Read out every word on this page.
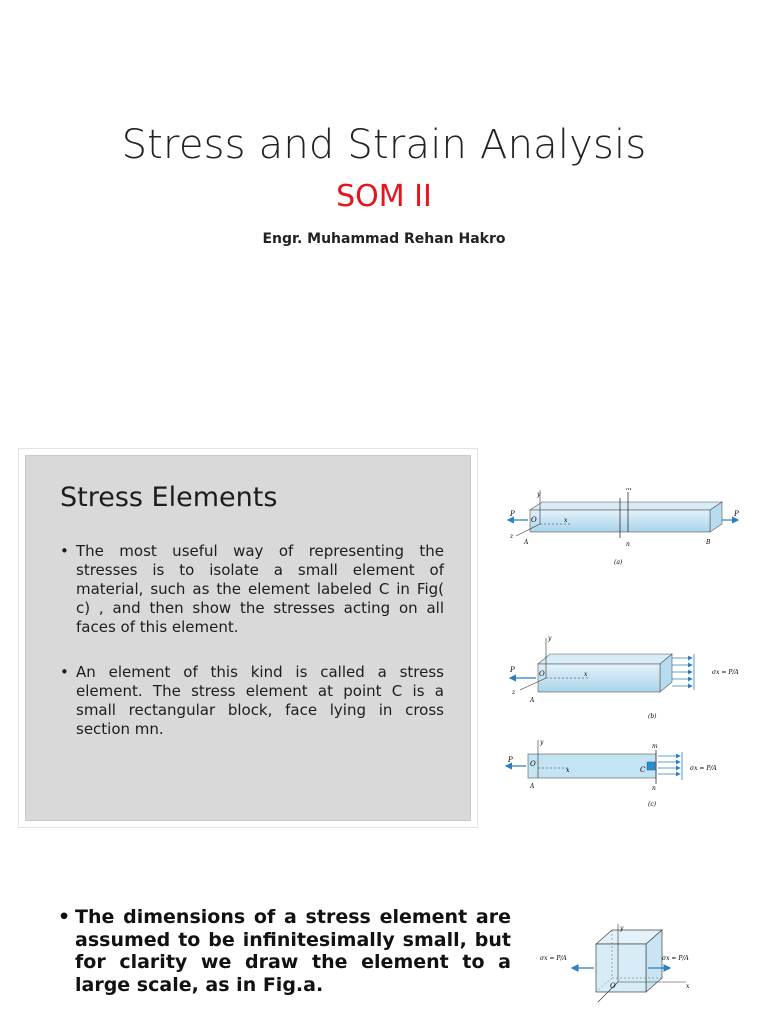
Stress and Strain Analysis
SOM II
Engr. Muhammad Rehan Hakro
Stress Elements
• The most useful way of representing the stresses is to isolate a small element of material, such as the element labeled C in Fig( c) , and then show the stresses acting on all faces of this element.
• An element of this kind is called a stress element. The stress element at point C is a small rectangular block, face lying in cross section mn.
P	P
y
z
x
O
A	B
m
n
(a)
P
y
z
x
O
A
σx = P/A
(b)
P
y
x
O
A
C
m
n
σx = P/A
(c)
• The dimensions of a stress element are assumed to be infinitesimally small, but for clarity we draw the element to a large scale, as in Fig.a.
σx = P/A	σx = P/A
y
x
O
